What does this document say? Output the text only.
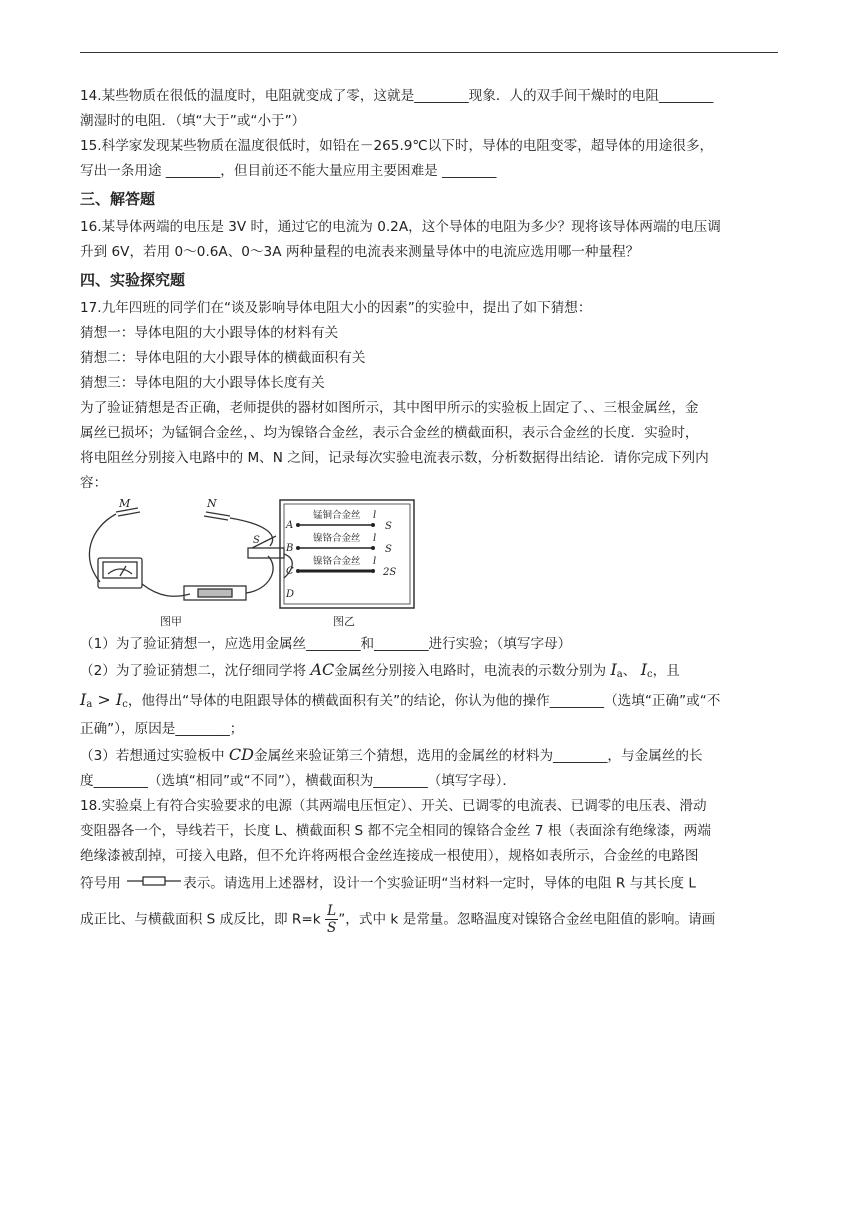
14.某些物质在很低的温度时，电阻就变成了零，这就是________现象．人的双手间干燥时的电阻________

潮湿时的电阻．（填“大于”或“小于”）

15.科学家发现某些物质在温度很低时，如铅在－265.9℃以下时，导体的电阻变零，超导体的用途很多，

写出一条用途 ________，但目前还不能大量应用主要困难是 ________

三、解答题

16.某导体两端的电压是 3V 时，通过它的电流为 0.2A，这个导体的电阻为多少？现将该导体两端的电压调

升到 6V，若用 0～0.6A、0～3A 两种量程的电流表来测量导体中的电流应选用哪一种量程？

四、实验探究题

17.九年四班的同学们在“谈及影响导体电阻大小的因素”的实验中，提出了如下猜想：

猜想一：导体电阻的大小跟导体的材料有关

猜想二：导体电阻的大小跟导体的横截面积有关

猜想三：导体电阻的大小跟导体长度有关

为了验证猜想是否正确，老师提供的器材如图所示，其中图甲所示的实验板上固定了、、三根金属丝，金

属丝已损坏；为锰铜合金丝，、均为镍铬合金丝，表示合金丝的横截面积，表示合金丝的长度．实验时，

将电阻丝分别接入电路中的 M、N 之间，记录每次实验电流表示数，分析数据得出结论．请你完成下列内

容：

M	N
S
图甲
A
锰铜合金丝 l
S
B
镍铬合金丝 l
S
C
镍铬合金丝 l
2S
D
图乙

（1）为了验证猜想一，应选用金属丝________和________进行实验；（填写字母）

（2）为了验证猜想二，沈仔细同学将 AC金属丝分别接入电路时，电流表的示数分别为 $I_a$、 $I_c$，且

$I_a > I_c$，他得出“导体的电阻跟导体的横截面积有关”的结论，你认为他的操作________（选填“正确”或“不

正确”），原因是________；

（3）若想通过实验板中 CD金属丝来验证第三个猜想，选用的金属丝的材料为________，与金属丝的长

度________（选填“相同”或“不同”），横截面积为________（填写字母）．

18.实验桌上有符合实验要求的电源（其两端电压恒定）、开关、已调零的电流表、已调零的电压表、滑动

变阻器各一个，导线若干，长度 L、横截面积 S 都不完全相同的镍铬合金丝 7 根（表面涂有绝缘漆，两端

绝缘漆被刮掉，可接入电路，但不允许将两根合金丝连接成一根使用），规格如表所示，合金丝的电路图

符号用	表示。请选用上述器材，设计一个实验证明“当材料一定时，导体的电阻 R 与其长度 L

成正比、与横截面积 S 成反比，即 $R=k \frac{L}{S}$ ”，式中 k 是常量。忽略温度对镍铬合金丝电阻值的影响。请画
